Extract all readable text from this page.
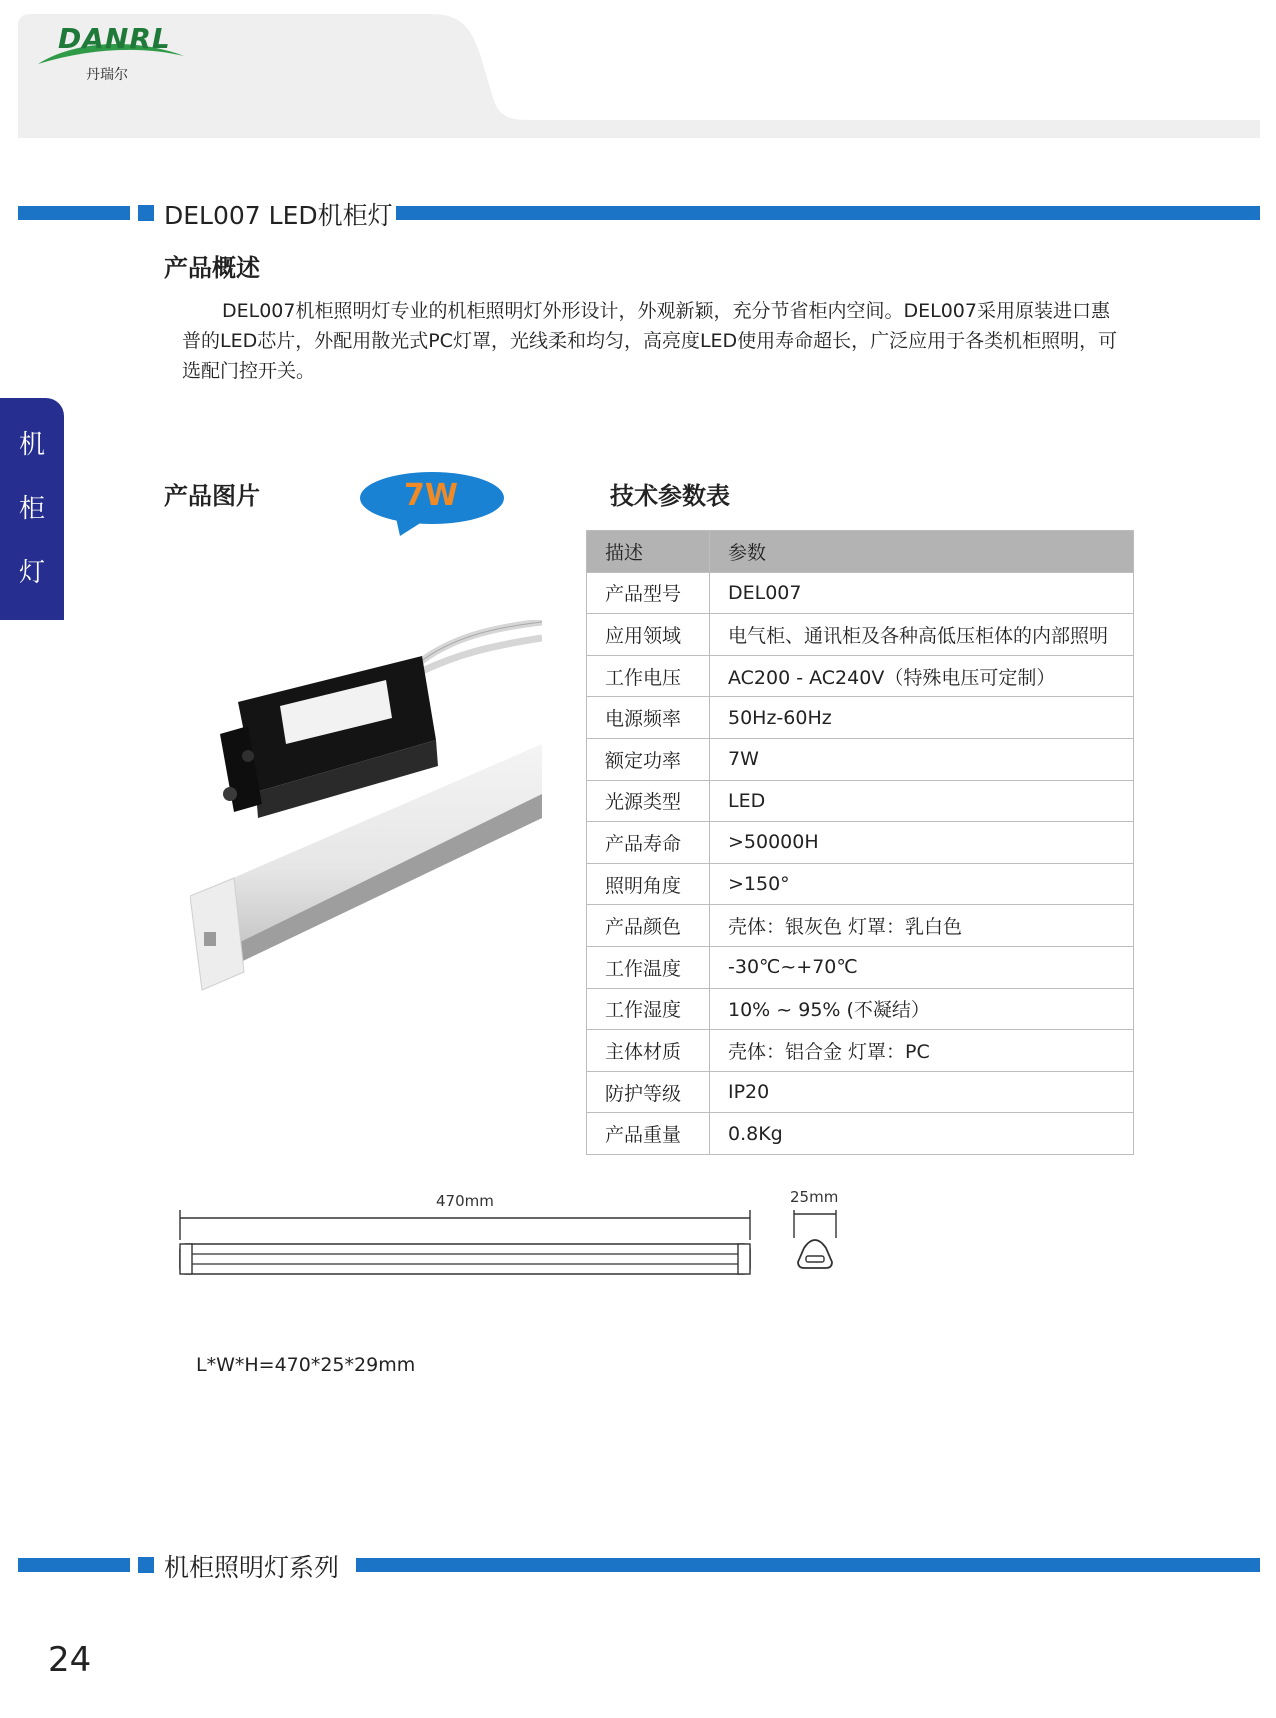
DANRL
丹瑞尔
DEL007 LED机柜灯
产品概述
DEL007机柜照明灯专业的机柜照明灯外形设计，外观新颖，充分节省柜内空间。DEL007采用原装进口惠普的LED芯片，外配用散光式PC灯罩，光线柔和均匀，高亮度LED使用寿命超长，广泛应用于各类机柜照明，可选配门控开关。
机
柜
灯
产品图片	7W	技术参数表
描述	参数
产品型号	DEL007
应用领域	电气柜、通讯柜及各种高低压柜体的内部照明
工作电压	AC200 - AC240V（特殊电压可定制）
电源频率	50Hz-60Hz
额定功率	7W
光源类型	LED
产品寿命	>50000H
照明角度	>150°
产品颜色	壳体：银灰色 灯罩：乳白色
工作温度	-30℃~+70℃
工作湿度	10% ~ 95% (不凝结）
主体材质	壳体：铝合金 灯罩：PC
防护等级	IP20
产品重量	0.8Kg
470mm	25mm
L*W*H=470*25*29mm
机柜照明灯系列
24
